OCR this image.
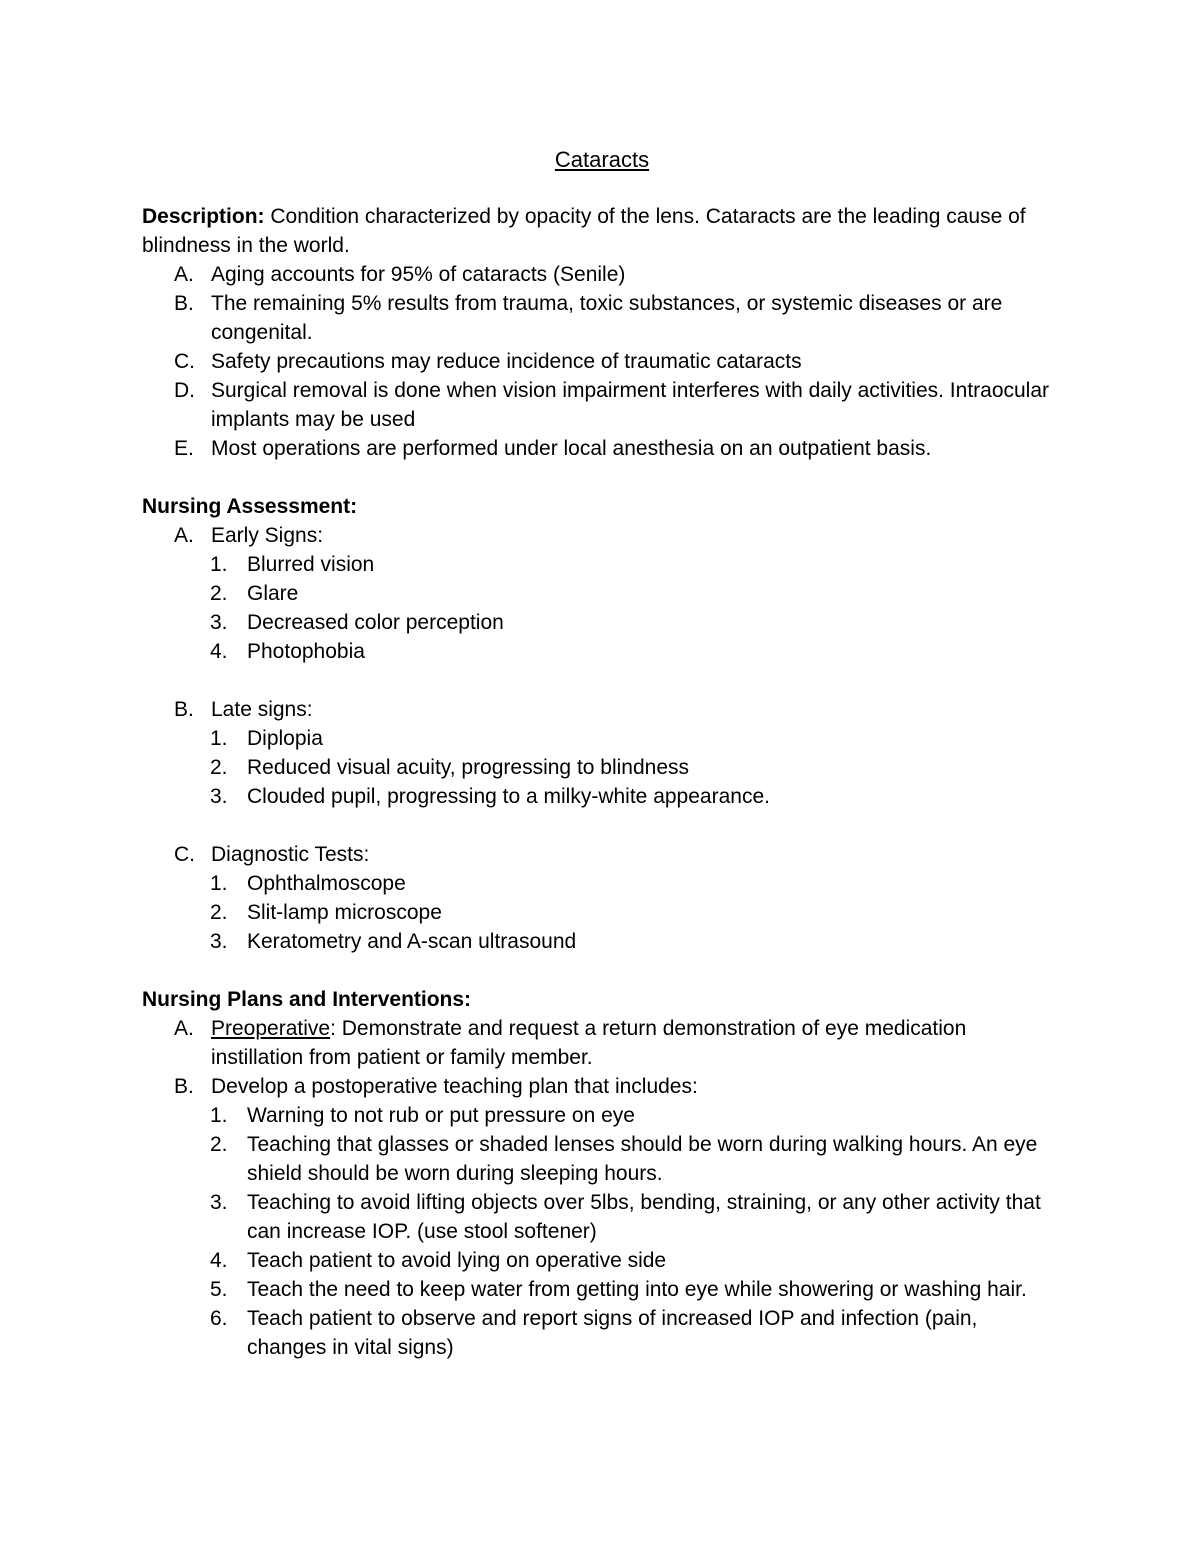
Cataracts

Description: Condition characterized by opacity of the lens. Cataracts are the leading cause of blindness in the world.

A. Aging accounts for 95% of cataracts (Senile)
B. The remaining 5% results from trauma, toxic substances, or systemic diseases or are congenital.
C. Safety precautions may reduce incidence of traumatic cataracts
D. Surgical removal is done when vision impairment interferes with daily activities. Intraocular implants may be used
E. Most operations are performed under local anesthesia on an outpatient basis.

Nursing Assessment:

A. Early Signs:
1. Blurred vision
2. Glare
3. Decreased color perception
4. Photophobia
B. Late signs:
1. Diplopia
2. Reduced visual acuity, progressing to blindness
3. Clouded pupil, progressing to a milky-white appearance.
C. Diagnostic Tests:
1. Ophthalmoscope
2. Slit-lamp microscope
3. Keratometry and A-scan ultrasound

Nursing Plans and Interventions:

A. Preoperative: Demonstrate and request a return demonstration of eye medication instillation from patient or family member.
B. Develop a postoperative teaching plan that includes:
1. Warning to not rub or put pressure on eye
2. Teaching that glasses or shaded lenses should be worn during walking hours. An eye shield should be worn during sleeping hours.
3. Teaching to avoid lifting objects over 5lbs, bending, straining, or any other activity that can increase IOP. (use stool softener)
4. Teach patient to avoid lying on operative side
5. Teach the need to keep water from getting into eye while showering or washing hair.
6. Teach patient to observe and report signs of increased IOP and infection (pain, changes in vital signs)
